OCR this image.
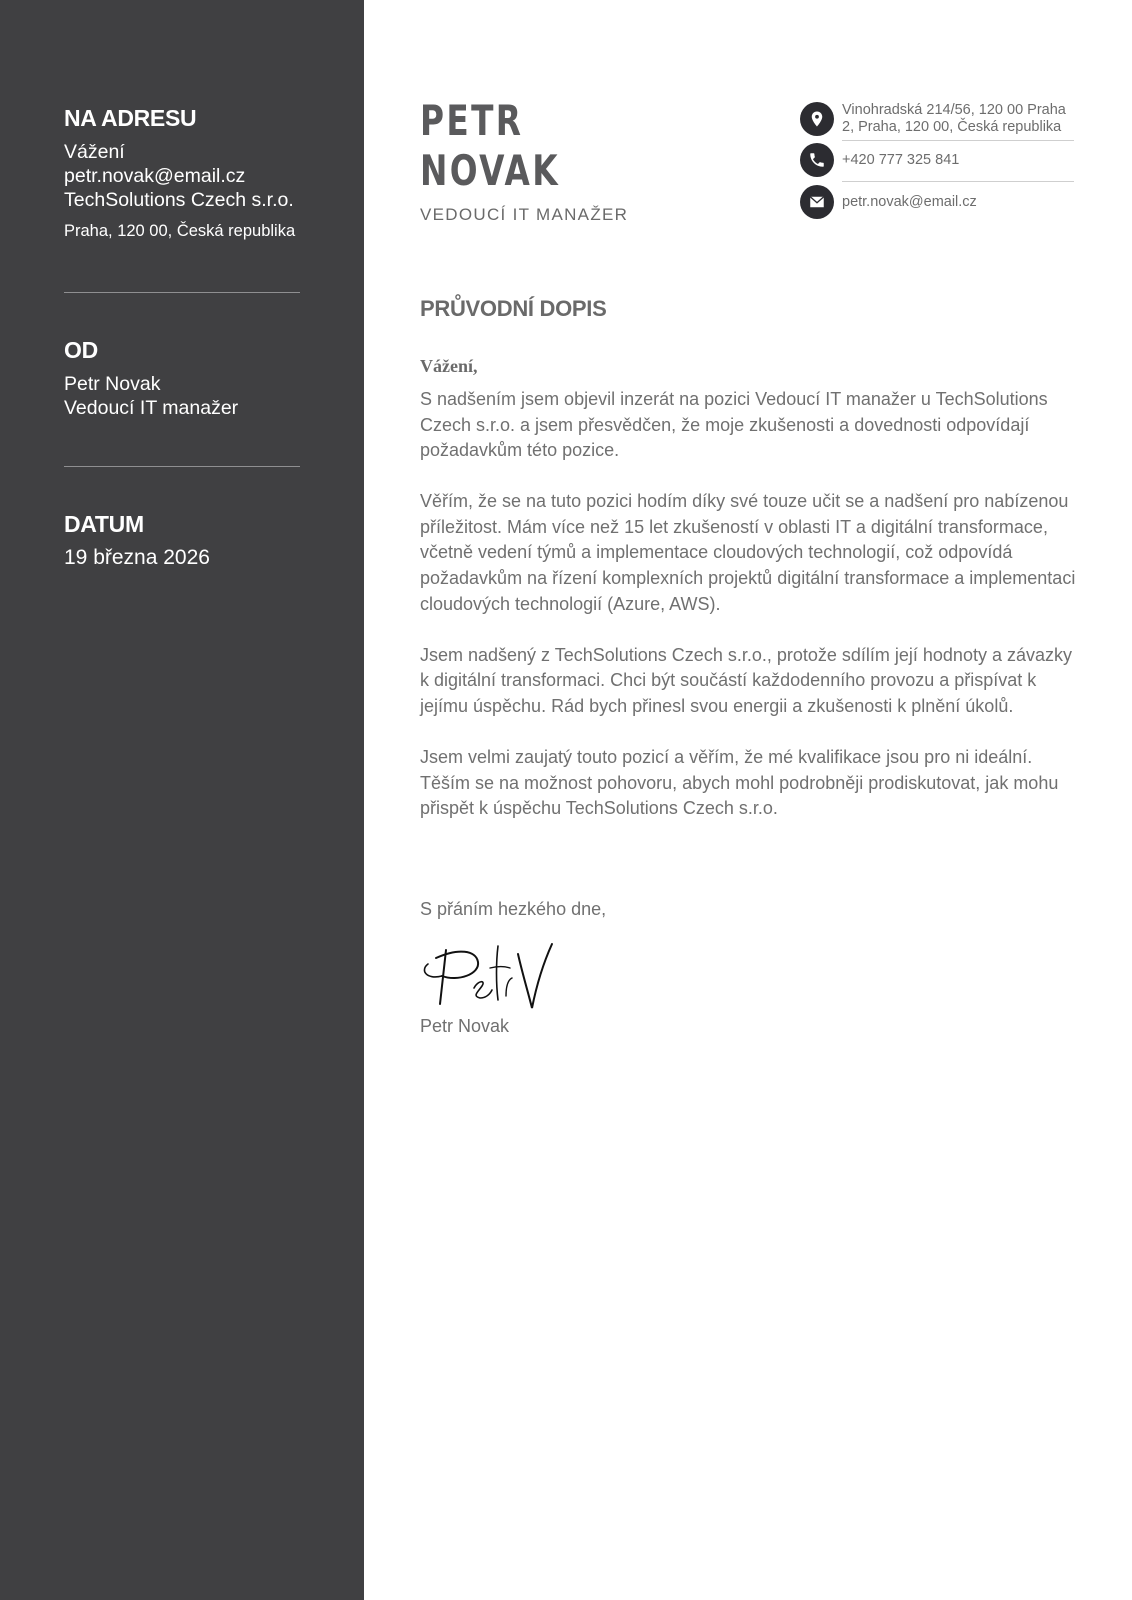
NA ADRESU
Vážení
petr.novak@email.cz
TechSolutions Czech s.r.o.
Praha, 120 00, Česká republika
OD
Petr Novak
Vedoucí IT manažer
DATUM
19 března 2026
PETR
NOVAK
VEDOUCÍ IT MANAŽER
Vinohradská 214/56, 120 00 Praha
2, Praha, 120 00, Česká republika
+420 777 325 841
petr.novak@email.cz
PRŮVODNÍ DOPIS
Vážení,

S nadšením jsem objevil inzerát na pozici Vedoucí IT manažer u TechSolutions Czech s.r.o. a jsem přesvědčen, že moje zkušenosti a dovednosti odpovídají požadavkům této pozice.

Věřím, že se na tuto pozici hodím díky své touze učit se a nadšení pro nabízenou příležitost. Mám více než 15 let zkušeností v oblasti IT a digitální transformace, včetně vedení týmů a implementace cloudových technologií, což odpovídá požadavkům na řízení komplexních projektů digitální transformace a implementaci cloudových technologií (Azure, AWS).

Jsem nadšený z TechSolutions Czech s.r.o., protože sdílím její hodnoty a závazky k digitální transformaci. Chci být součástí každodenního provozu a přispívat k jejímu úspěchu. Rád bych přinesl svou energii a zkušenosti k plnění úkolů.

Jsem velmi zaujatý touto pozicí a věřím, že mé kvalifikace jsou pro ni ideální. Těším se na možnost pohovoru, abych mohl podrobněji prodiskutovat, jak mohu přispět k úspěchu TechSolutions Czech s.r.o.

S přáním hezkého dne,
Petr Novak
